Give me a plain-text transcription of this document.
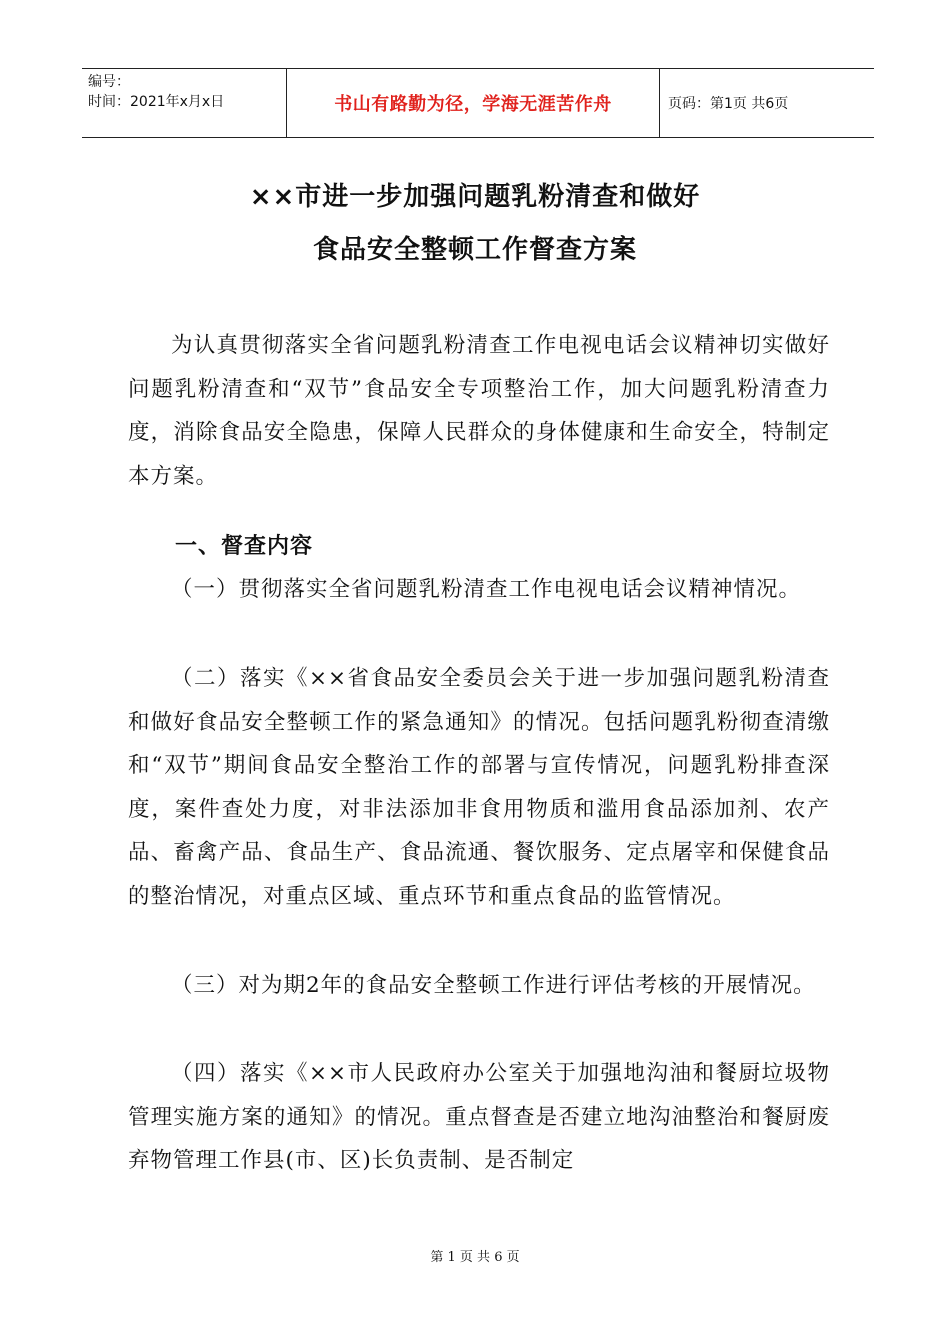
编号：
时间：2021年x月x日	书山有路勤为径，学海无涯苦作舟	页码：第1页 共6页
××市进一步加强问题乳粉清查和做好
食品安全整顿工作督查方案

为认真贯彻落实全省问题乳粉清查工作电视电话会议精神切实做好问题乳粉清查和“双节”食品安全专项整治工作，加大问题乳粉清查力度，消除食品安全隐患，保障人民群众的身体健康和生命安全，特制定本方案。

一、督查内容

（一）贯彻落实全省问题乳粉清查工作电视电话会议精神情况。

（二）落实《××省食品安全委员会关于进一步加强问题乳粉清查和做好食品安全整顿工作的紧急通知》的情况。包括问题乳粉彻查清缴和“双节”期间食品安全整治工作的部署与宣传情况，问题乳粉排查深度，案件查处力度，对非法添加非食用物质和滥用食品添加剂、农产品、畜禽产品、食品生产、食品流通、餐饮服务、定点屠宰和保健食品的整治情况，对重点区域、重点环节和重点食品的监管情况。

（三）对为期2年的食品安全整顿工作进行评估考核的开展情况。

（四）落实《××市人民政府办公室关于加强地沟油和餐厨垃圾物管理实施方案的通知》的情况。重点督查是否建立地沟油整治和餐厨废弃物管理工作县(市、区)长负责制、是否制定

第 1 页 共 6 页
